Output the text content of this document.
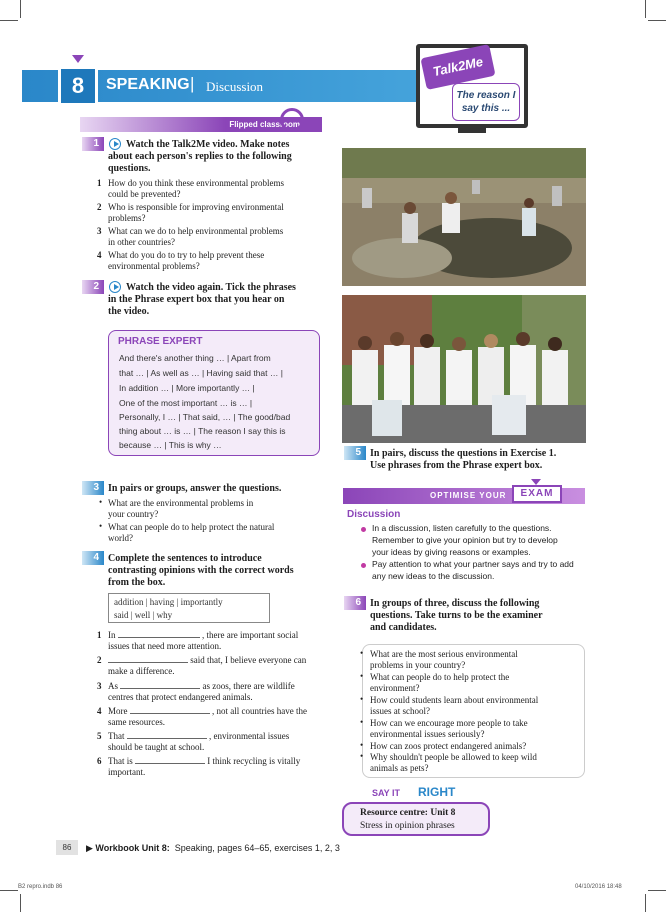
8	SPEAKING | Discussion
Talk2Me
The reason I
say this ...
Flipped classroom
1	Watch the Talk2Me video. Make notes
about each person's replies to the following
questions.
1 How do you think these environmental problems
could be prevented?
2 Who is responsible for improving environmental
problems?
3 What can we do to help environmental problems
in other countries?
4 What do you do to try to help prevent these
environmental problems?
2	Watch the video again. Tick the phrases
in the Phrase expert box that you hear on
the video.
PHRASE EXPERT
And there's another thing … | Apart from
that … | As well as … | Having said that … |
In addition … | More importantly … |
One of the most important … is … |
Personally, I … | That said, … | The good/bad
thing about … is … | The reason I say this is
because … | This is why …
3 In pairs or groups, answer the questions.
• What are the environmental problems in
your country?
• What can people do to help protect the natural
world?
4 Complete the sentences to introduce
contrasting opinions with the correct words
from the box.
addition | having | importantly
said | well | why
1 In	, there are important social
issues that need more attention.
2	said that, I believe everyone can
make a difference.
3 As	as zoos, there are wildlife
centres that protect endangered animals.
4 More	, not all countries have the
same resources.
5 That	, environmental issues
should be taught at school.
6 That is	I think recycling is vitally
important.
5 In pairs, discuss the questions in Exercise 1.
Use phrases from the Phrase expert box.
OPTIMISE YOUR	EXAM
Discussion
In a discussion, listen carefully to the questions.
Remember to give your opinion but try to develop
your ideas by giving reasons or examples.
Pay attention to what your partner says and try to add
any new ideas to the discussion.
6 In groups of three, discuss the following
questions. Take turns to be the examiner
and candidates.
• What are the most serious environmental
problems in your country?
• What can people do to help protect the
environment?
• How could students learn about environmental
issues at school?
• How can we encourage more people to take
environmental issues seriously?
• How can zoos protect endangered animals?
• Why shouldn't people be allowed to keep wild
animals as pets?
SAY IT RIGHT
Resource centre: Unit 8
Stress in opinion phrases
86	▶ Workbook Unit 8: Speaking, pages 64–65, exercises 1, 2, 3
B2 repro.indb 86	04/10/2016 18:48
